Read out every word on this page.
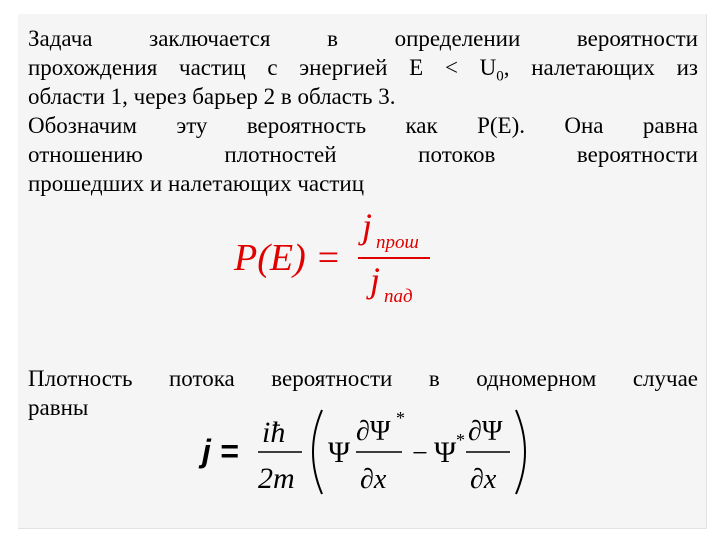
Задача заключается в определении вероятности
прохождения частиц с энергией $E < U_0$, налетающих из
области 1, через барьер 2 в область 3.
Обозначим эту вероятность как P(E). Она равна
отношению плотностей потоков вероятности
прошедших и налетающих частиц
P(E) =
j прош
j пад
Плотность потока вероятности в одномерном случае
равны
j =
iħ
2m
Ψ
∂Ψ *
∂x
− Ψ * ∂Ψ
∂x
